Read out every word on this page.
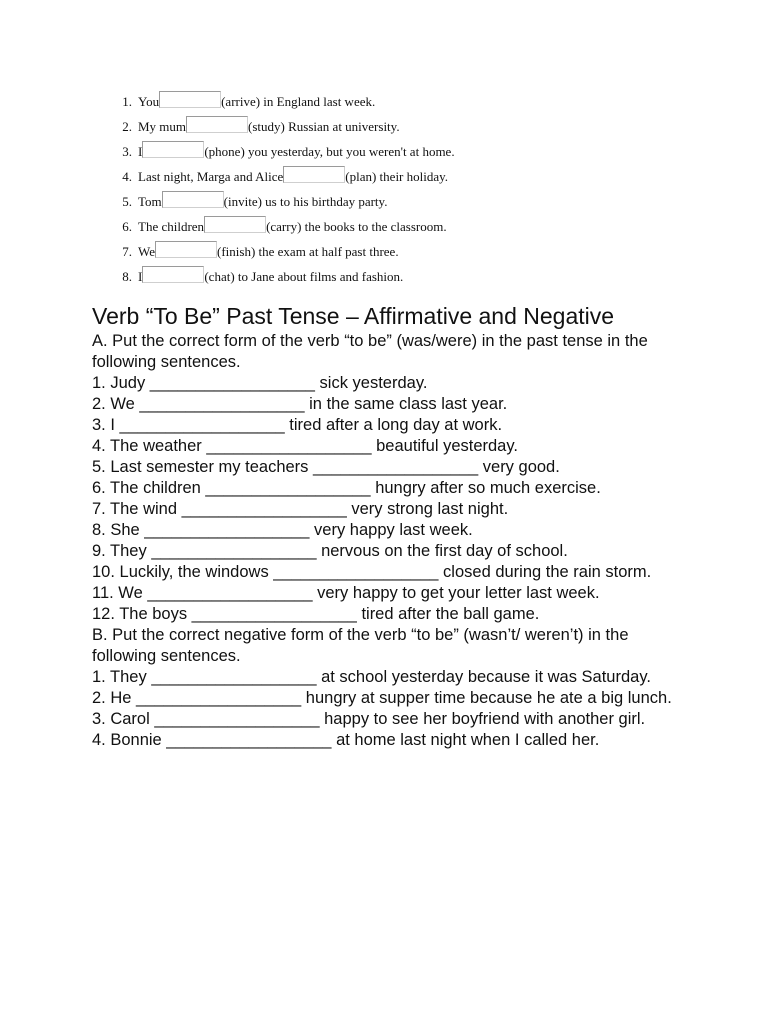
1. You	(arrive) in England last week.
2. My mum	(study) Russian at university.
3. I	(phone) you yesterday, but you weren't at home.
4. Last night, Marga and Alice	(plan) their holiday.
5. Tom	(invite) us to his birthday party.
6. The children	(carry) the books to the classroom.
7. We	(finish) the exam at half past three.
8. I	(chat) to Jane about films and fashion.
Verb “To Be” Past Tense – Affirmative and Negative

A. Put the correct form of the verb “to be” (was/were) in the past tense in the following sentences.

1. Judy __________________ sick yesterday.

2. We __________________ in the same class last year.

3. I __________________ tired after a long day at work.

4. The weather __________________ beautiful yesterday.

5. Last semester my teachers __________________ very good.

6. The children __________________ hungry after so much exercise.

7. The wind __________________ very strong last night.

8. She __________________ very happy last week.

9. They __________________ nervous on the first day of school.

10. Luckily, the windows __________________ closed during the rain storm.

11. We __________________ very happy to get your letter last week.

12. The boys __________________ tired after the ball game.

B. Put the correct negative form of the verb “to be” (wasn’t/ weren’t) in the following sentences.

1. They __________________ at school yesterday because it was Saturday.

2. He __________________ hungry at supper time because he ate a big lunch.

3. Carol __________________ happy to see her boyfriend with another girl.

4. Bonnie __________________ at home last night when I called her.
